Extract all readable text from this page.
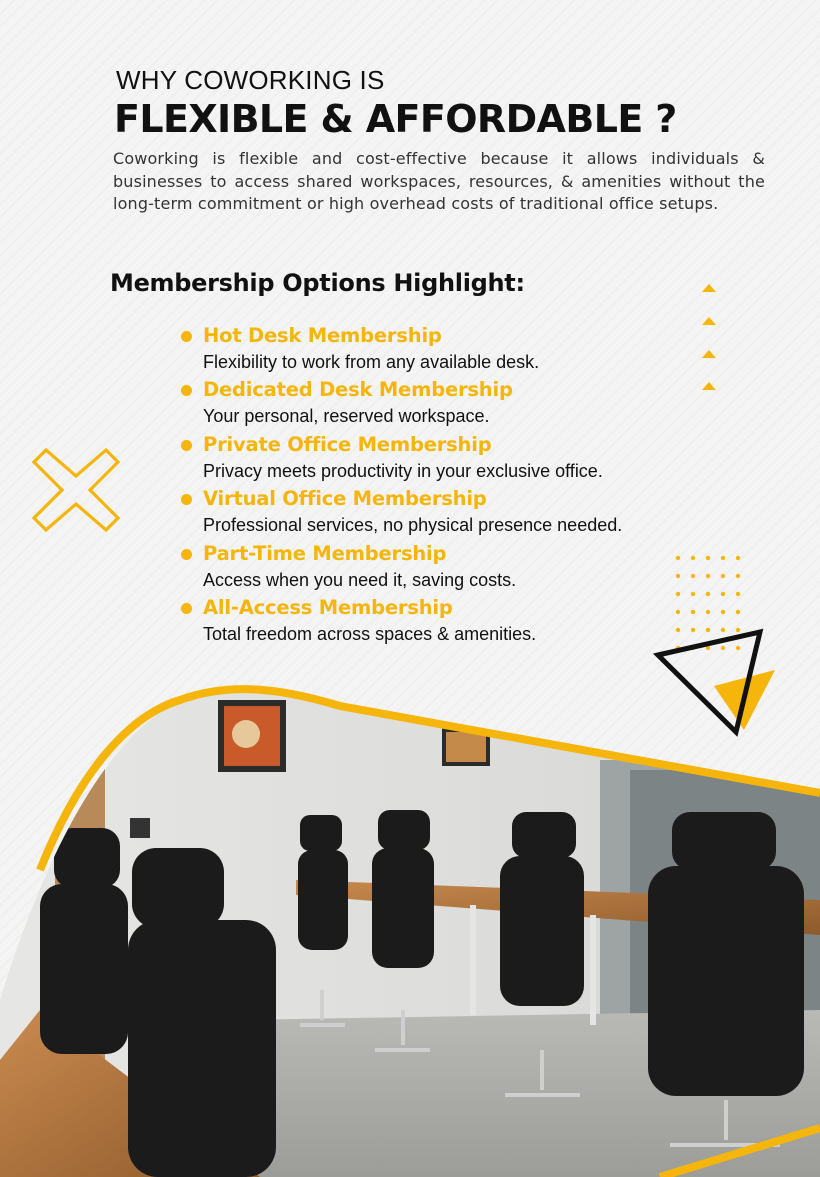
WHY COWORKING IS
FLEXIBLE & AFFORDABLE ?
Coworking is flexible and cost-effective because it allows individuals & businesses to access shared workspaces, resources, & amenities without the long-term commitment or high overhead costs of traditional office setups.
Membership Options Highlight:
Hot Desk Membership
Flexibility to work from any available desk.
Dedicated Desk Membership
Your personal, reserved workspace.
Private Office Membership
Privacy meets productivity in your exclusive office.
Virtual Office Membership
Professional services, no physical presence needed.
Part-Time Membership
Access when you need it, saving costs.
All-Access Membership
Total freedom across spaces & amenities.
